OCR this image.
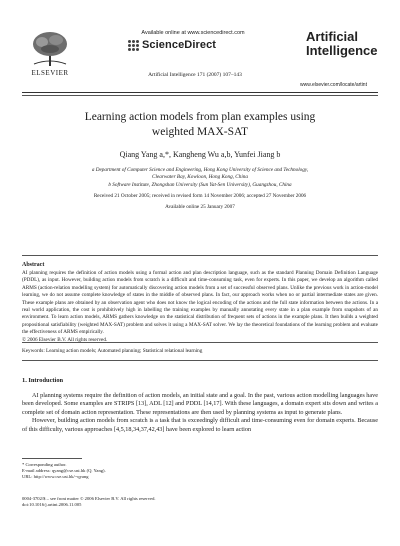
Available online at www.sciencedirect.com
ScienceDirect
ELSEVIER
Artificial
Intelligence
Artificial Intelligence 171 (2007) 107–143
www.elsevier.com/locate/artint
Learning action models from plan examples using
weighted MAX-SAT
Qiang Yang a,*, Kangheng Wu a,b, Yunfei Jiang b
a Department of Computer Science and Engineering, Hong Kong University of Science and Technology,
Clearwater Bay, Kowloon, Hong Kong, China
b Software Institute, Zhongshan University (Sun Yat-Sen University), Guangzhou, China
Received 21 October 2005; received in revised form 14 November 2006; accepted 27 November 2006
Available online 25 January 2007
Abstract
AI planning requires the definition of action models using a formal action and plan description language, such as the standard Planning Domain Definition Language (PDDL), as input. However, building action models from scratch is a difficult and time-consuming task, even for experts. In this paper, we develop an algorithm called ARMS (action-relation modelling system) for automatically discovering action models from a set of successful observed plans. Unlike the previous work in action-model learning, we do not assume complete knowledge of states in the middle of observed plans. In fact, our approach works when no or partial intermediate states are given. These example plans are obtained by an observation agent who does not know the logical encoding of the actions and the full state information between the actions. In a real world application, the cost is prohibitively high in labelling the training examples by manually annotating every state in a plan example from snapshots of an environment. To learn action models, ARMS gathers knowledge on the statistical distribution of frequent sets of actions in the example plans. It then builds a weighted propositional satisfiability (weighted MAX-SAT) problem and solves it using a MAX-SAT solver. We lay the theoretical foundations of the learning problem and evaluate the effectiveness of ARMS empirically.
© 2006 Elsevier B.V. All rights reserved.
Keywords: Learning action models; Automated planning; Statistical relational learning
1. Introduction

AI planning systems require the definition of action models, an initial state and a goal. In the past, various action modelling languages have been developed. Some examples are STRIPS [13], ADL [12] and PDDL [14,17]. With these languages, a domain expert sits down and writes a complete set of domain action representation. These representations are then used by planning systems as input to generate plans.

However, building action models from scratch is a task that is exceedingly difficult and time-consuming even for domain experts. Because of this difficulty, various approaches [4,5,18,34,37,42,43] have been explored to learn action

* Corresponding author.
E-mail address: qyang@cse.ust.hk (Q. Yang).
URL: http://www.cse.ust.hk/~qyang
0004-3702/$ – see front matter © 2006 Elsevier B.V. All rights reserved.
doi:10.1016/j.artint.2006.11.005
